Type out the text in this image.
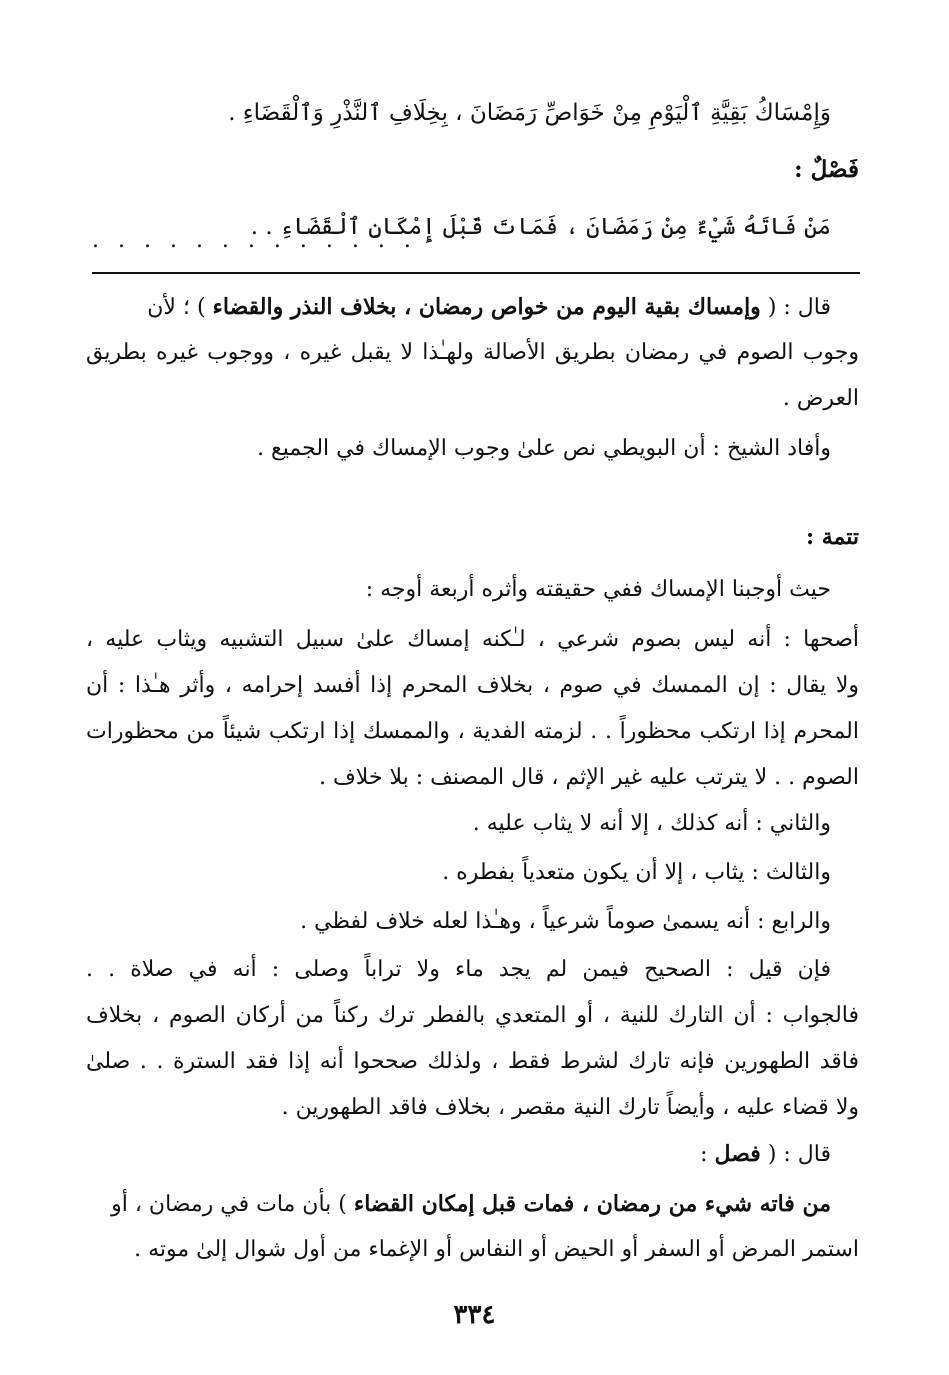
وَإِمْسَاكُ بَقِيَّةِ ٱلْيَوْمِ مِنْ خَوَاصِّ رَمَضَانَ ، بِخِلَافِ ٱلنَّذْرِ وَٱلْقَضَاءِ .
فَصْلٌ :
مَنْ فَاتَهُ شَيْءٌ مِنْ رَمَضَانَ ، فَمَاتَ قَبْلَ إِمْكَانِ ٱلْقَضَاءِ . .
. . . . . . . . . . . . .
قال : ( وإمساك بقية اليوم من خواص رمضان ، بخلاف النذر والقضاء ) ؛ لأن
وجوب الصوم في رمضان بطريق الأصالة ولهـٰذا لا يقبل غيره ، ووجوب غيره بطريق
العرض .
وأفاد الشيخ : أن البويطي نص علىٰ وجوب الإمساك في الجميع .
تتمة :
حيث أوجبنا الإمساك ففي حقيقته وأثره أربعة أوجه :
أصحها : أنه ليس بصوم شرعي ، لـٰكنه إمساك علىٰ سبيل التشبيه ويثاب عليه ،
ولا يقال : إن الممسك في صوم ، بخلاف المحرم إذا أفسد إحرامه ، وأثر هـٰذا : أن
المحرم إذا ارتكب محظوراً . . لزمته الفدية ، والممسك إذا ارتكب شيئاً من محظورات
الصوم . . لا يترتب عليه غير الإثم ، قال المصنف : بلا خلاف .
والثاني : أنه كذلك ، إلا أنه لا يثاب عليه .
والثالث : يثاب ، إلا أن يكون متعدياً بفطره .
والرابع : أنه يسمىٰ صوماً شرعياً ، وهـٰذا لعله خلاف لفظي .
فإن قيل : الصحيح فيمن لم يجد ماء ولا تراباً وصلى : أنه في صلاة . .
فالجواب : أن التارك للنية ، أو المتعدي بالفطر ترك ركناً من أركان الصوم ، بخلاف
فاقد الطهورين فإنه تارك لشرط فقط ، ولذلك صححوا أنه إذا فقد السترة . . صلىٰ
ولا قضاء عليه ، وأيضاً تارك النية مقصر ، بخلاف فاقد الطهورين .
قال : ( فصل :
من فاته شيء من رمضان ، فمات قبل إمكان القضاء ) بأن مات في رمضان ، أو
استمر المرض أو السفر أو الحيض أو النفاس أو الإغماء من أول شوال إلىٰ موته .
٣٣٤
